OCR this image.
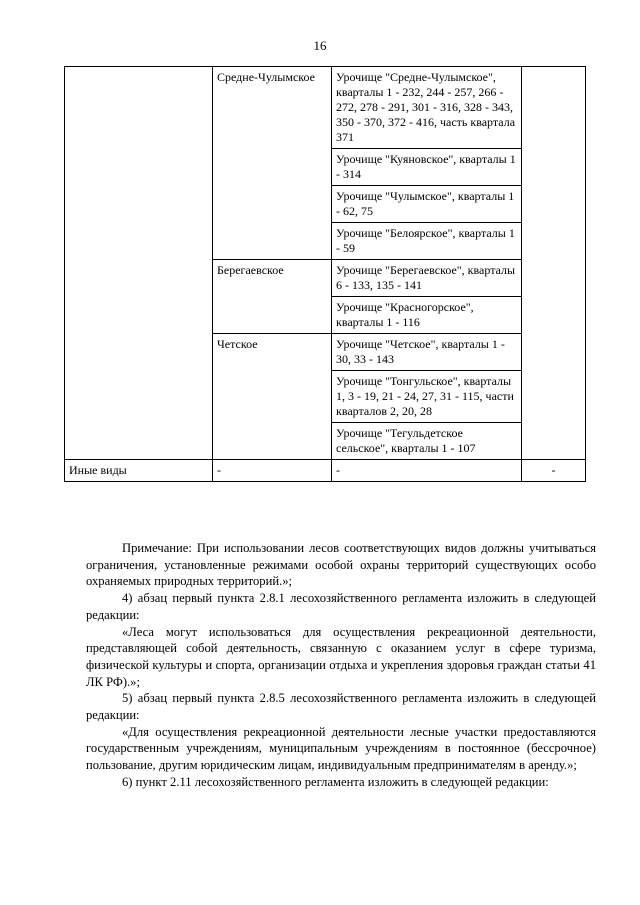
16
	Средне-Чулымское	Урочище "Средне-Чулымское", кварталы 1 - 232, 244 - 257, 266 - 272, 278 - 291, 301 - 316, 328 - 343, 350 - 370, 372 - 416, часть квартала 371	
		Урочище "Куяновское", кварталы 1 - 314	
		Урочище "Чулымское", кварталы 1 - 62, 75	
		Урочище "Белоярское", кварталы 1 - 59	
	Берегаевское	Урочище "Берегаевское", кварталы 6 - 133, 135 - 141	
		Урочище "Красногорское", кварталы 1 - 116	
	Четское	Урочище "Четское", кварталы 1 - 30, 33 - 143	
		Урочище "Тонгульское", кварталы 1, 3 - 19, 21 - 24, 27, 31 - 115, части кварталов 2, 20, 28	
		Урочище "Тегульдетское сельское", кварталы 1 - 107	
Иные виды	-	-	-

Примечание: При использовании лесов соответствующих видов должны учитываться ограничения, установленные режимами особой охраны территорий существующих особо охраняемых природных территорий.»;

4) абзац первый пункта 2.8.1 лесохозяйственного регламента изложить в следующей редакции:

«Леса могут использоваться для осуществления рекреационной деятельности, представляющей собой деятельность, связанную с оказанием услуг в сфере туризма, физической культуры и спорта, организации отдыха и укрепления здоровья граждан статьи 41 ЛК РФ).»;

5) абзац первый пункта 2.8.5 лесохозяйственного регламента изложить в следующей редакции:

«Для осуществления рекреационной деятельности лесные участки предоставляются государственным учреждениям, муниципальным учреждениям в постоянное (бессрочное) пользование, другим юридическим лицам, индивидуальным предпринимателям в аренду.»;

6) пункт 2.11 лесохозяйственного регламента изложить в следующей редакции:
